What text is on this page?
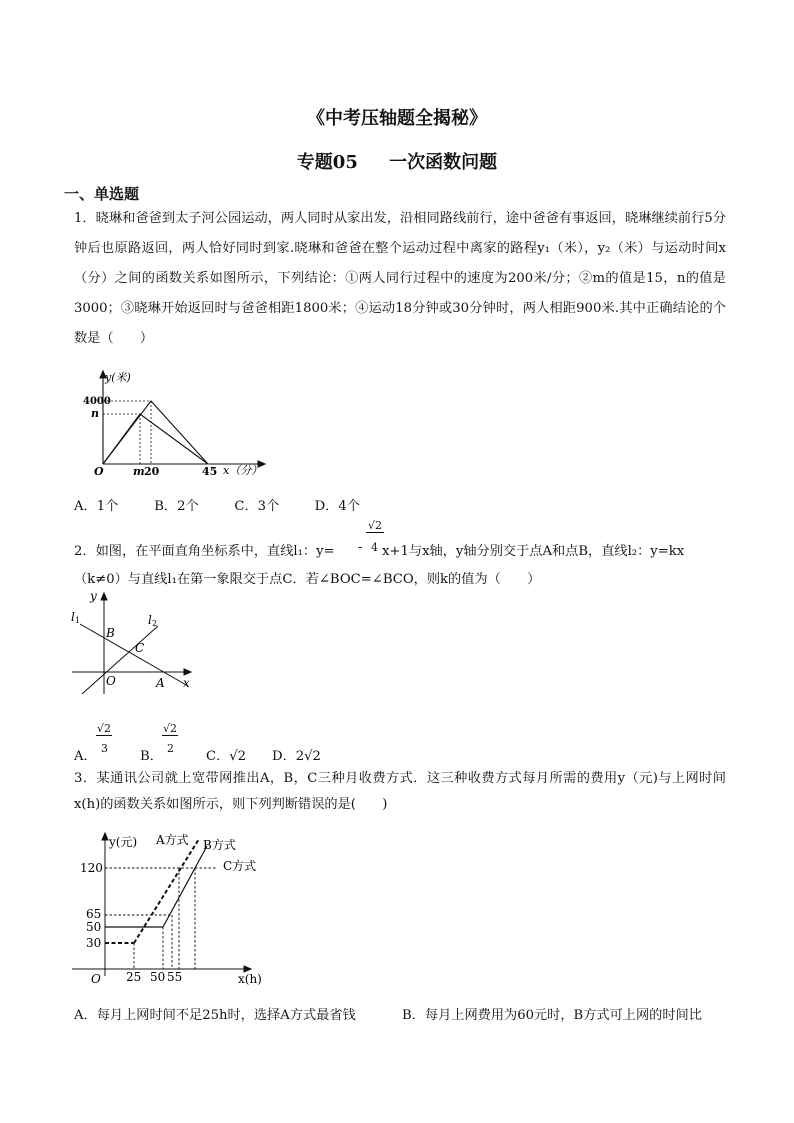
《中考压轴题全揭秘》
专题05     一次函数问题
一、单选题
1．晓琳和爸爸到太子河公园运动，两人同时从家出发，沿相同路线前行，途中爸爸有事返回，晓琳继续前行5分钟后也原路返回，两人恰好同时到家.晓琳和爸爸在整个运动过程中离家的路程y₁（米），y₂（米）与运动时间x（分）之间的函数关系如图所示，下列结论：①两人同行过程中的速度为200米/分；②m的值是15，n的值是3000；③晓琳开始返回时与爸爸相距1800米；④运动18分钟或30分钟时，两人相距900米.其中正确结论的个数是（　　）
y(米)
4000
n
O	m 20	45 x（分）
A．1个	B．2个	C．3个	D．4个
√2
- 4
2．如图，在平面直角坐标系中，直线l₁：y=	x+1与x轴，y轴分别交于点A和点B，直线l₂：y=kx
（k≠0）与直线l₁在第一象限交于点C．若∠BOC=∠BCO，则k的值为（　　）
y
x
l 1	l 2
B
C
O	A
A．
√2
3
B．
√2
2
C．√2 D．2√2
3．某通讯公司就上宽带网推出A，B，C三种月收费方式．这三种收费方式每月所需的费用y（元)与上网时间x(h)的函数关系如图所示，则下列判断错误的是(　　)
y(元) A方式 B方式
C方式
120
65
50
30
O 25 50 55	x(h)
A．每月上网时间不足25h时，选择A方式最省钱	B．每月上网费用为60元时，B方式可上网的时间比
